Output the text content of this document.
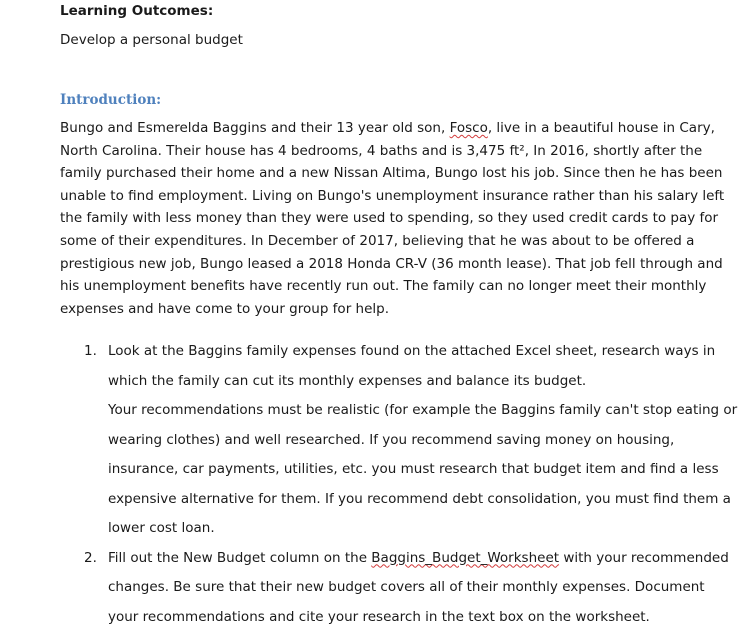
Learning Outcomes:
Develop a personal budget
Introduction:
Bungo and Esmerelda Baggins and their 13 year old son, Fosco, live in a beautiful house in Cary,
North Carolina. Their house has 4 bedrooms, 4 baths and is 3,475 ft², In 2016, shortly after the
family purchased their home and a new Nissan Altima, Bungo lost his job. Since then he has been
unable to find employment. Living on Bungo's unemployment insurance rather than his salary left
the family with less money than they were used to spending, so they used credit cards to pay for
some of their expenditures. In December of 2017, believing that he was about to be offered a
prestigious new job, Bungo leased a 2018 Honda CR-V (36 month lease). That job fell through and
his unemployment benefits have recently run out. The family can no longer meet their monthly
expenses and have come to your group for help.
1. Look at the Baggins family expenses found on the attached Excel sheet, research ways in
which the family can cut its monthly expenses and balance its budget.
Your recommendations must be realistic (for example the Baggins family can't stop eating or
wearing clothes) and well researched. If you recommend saving money on housing,
insurance, car payments, utilities, etc. you must research that budget item and find a less
expensive alternative for them. If you recommend debt consolidation, you must find them a
lower cost loan.
2. Fill out the New Budget column on the Baggins_Budget_Worksheet with your recommended
changes. Be sure that their new budget covers all of their monthly expenses. Document
your recommendations and cite your research in the text box on the worksheet.
